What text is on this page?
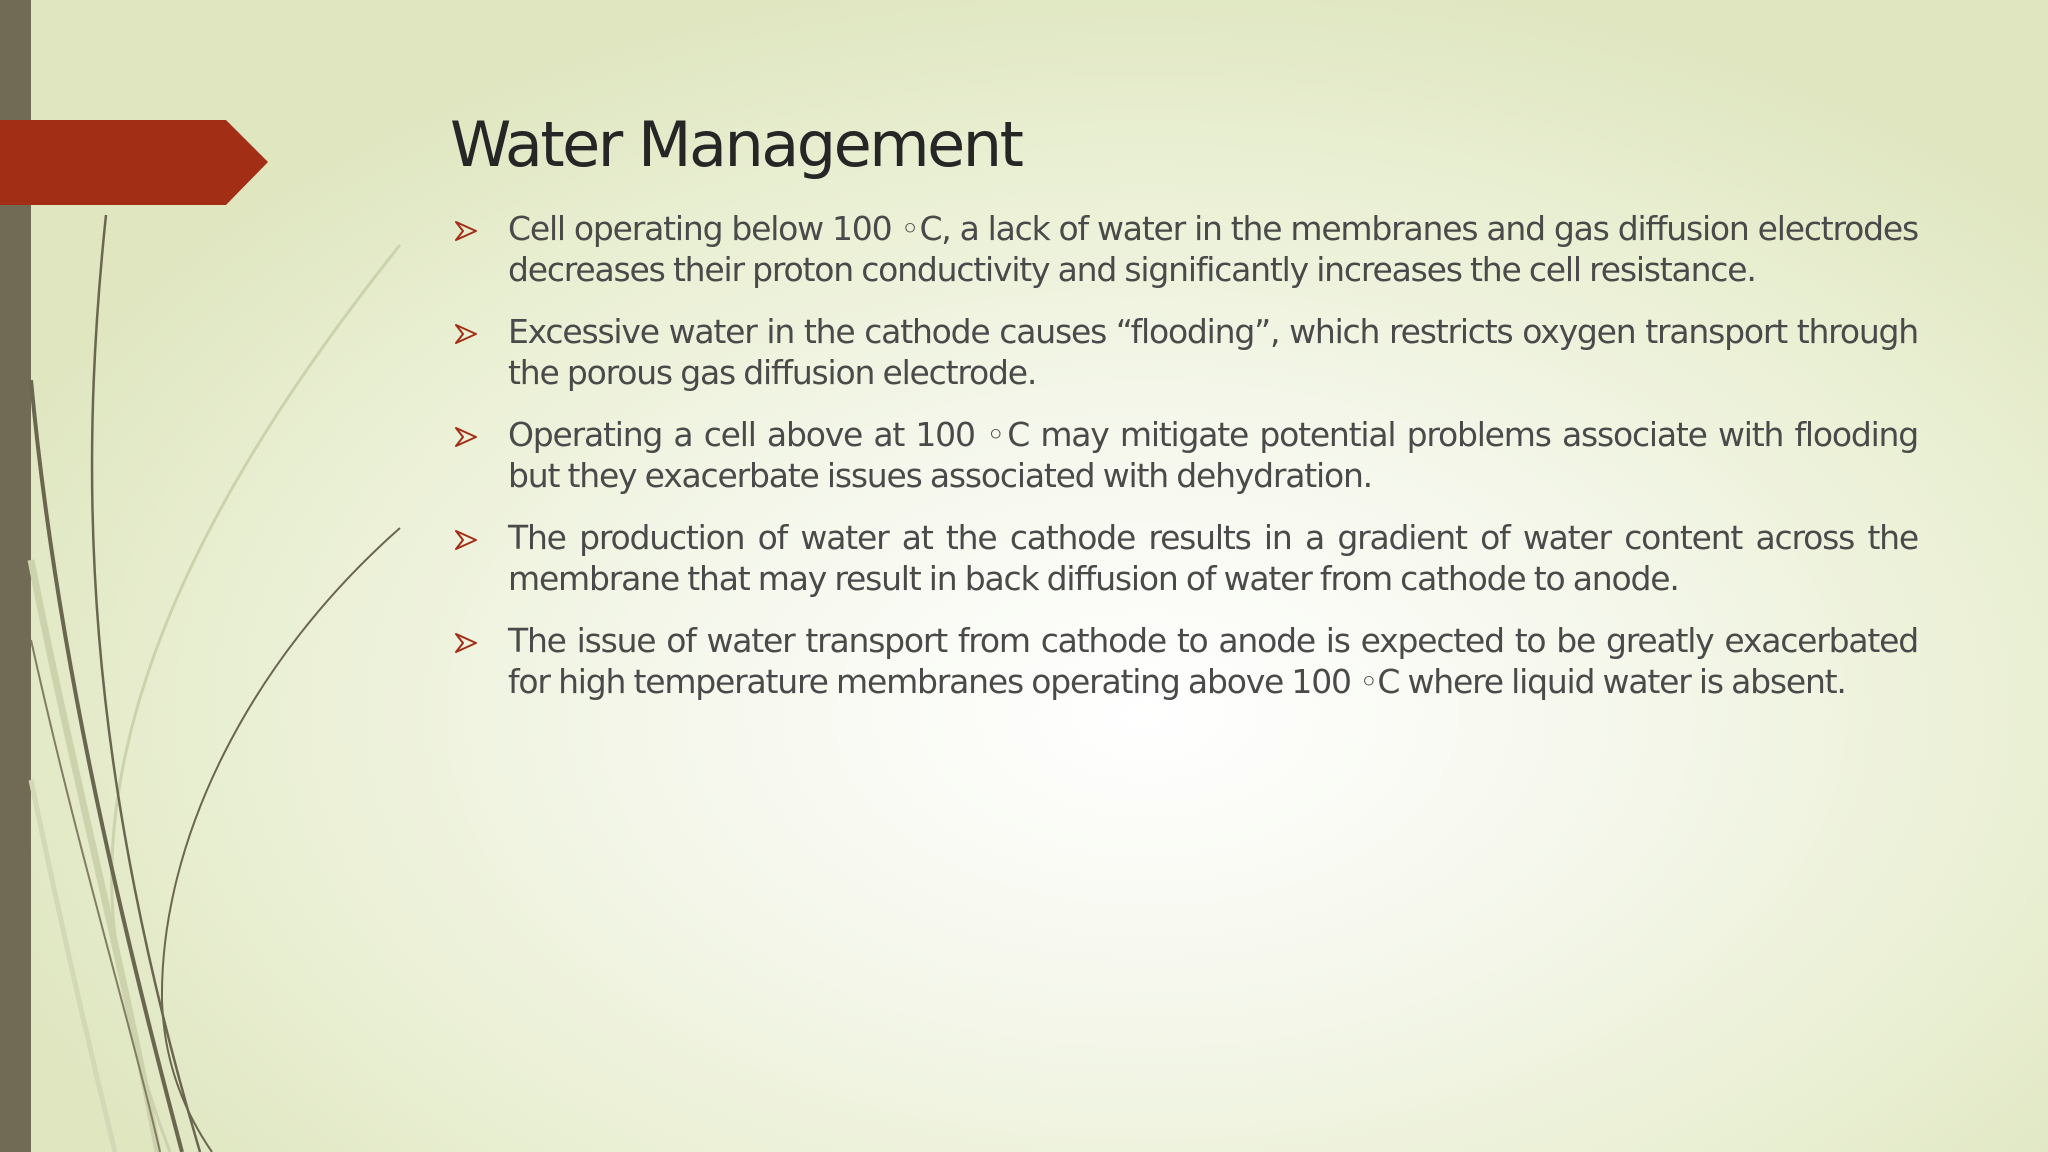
Water Management
Cell operating below 100 ◦C, a lack of water in the membranes and gas diffusion electrodes decreases their proton conductivity and significantly increases the cell resistance.
Excessive water in the cathode causes “flooding”, which restricts oxygen transport through the porous gas diffusion electrode.
Operating a cell above at 100 ◦C may mitigate potential problems associate with flooding but they exacerbate issues associated with dehydration.
The production of water at the cathode results in a gradient of water content across the membrane that may result in back diffusion of water from cathode to anode.
The issue of water transport from cathode to anode is expected to be greatly exacerbated for high temperature membranes operating above 100 ◦C where liquid water is absent.
